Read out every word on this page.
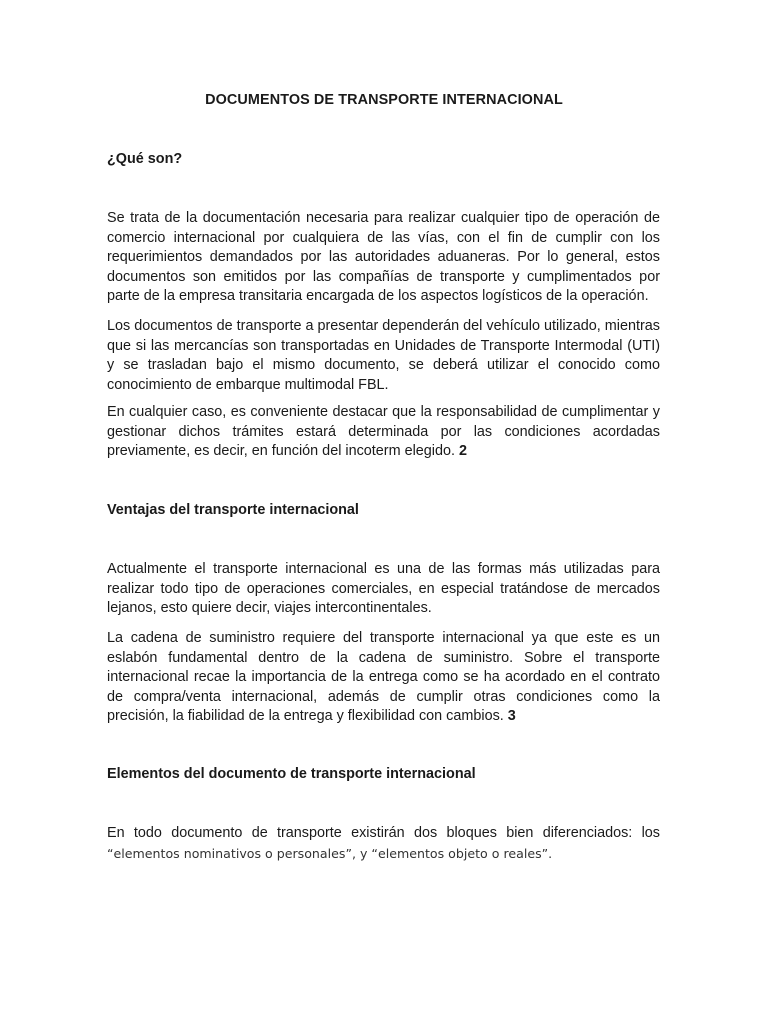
DOCUMENTOS DE TRANSPORTE INTERNACIONAL
¿Qué son?

Se trata de la documentación necesaria para realizar cualquier tipo de operación de comercio internacional por cualquiera de las vías, con el fin de cumplir con los requerimientos demandados por las autoridades aduaneras. Por lo general, estos documentos son emitidos por las compañías de transporte y cumplimentados por parte de la empresa transitaria encargada de los aspectos logísticos de la operación.

Los documentos de transporte a presentar dependerán del vehículo utilizado, mientras que si las mercancías son transportadas en Unidades de Transporte Intermodal (UTI) y se trasladan bajo el mismo documento, se deberá utilizar el conocido como conocimiento de embarque multimodal FBL.

En cualquier caso, es conveniente destacar que la responsabilidad de cumplimentar y gestionar dichos trámites estará determinada por las condiciones acordadas previamente, es decir, en función del incoterm elegido. 2

Ventajas del transporte internacional

Actualmente el transporte internacional es una de las formas más utilizadas para realizar todo tipo de operaciones comerciales, en especial tratándose de mercados lejanos, esto quiere decir, viajes intercontinentales.

La cadena de suministro requiere del transporte internacional ya que este es un eslabón fundamental dentro de la cadena de suministro. Sobre el transporte internacional recae la importancia de la entrega como se ha acordado en el contrato de compra/venta internacional, además de cumplir otras condiciones como la precisión, la fiabilidad de la entrega y flexibilidad con cambios. 3

Elementos del documento de transporte internacional

En todo documento de transporte existirán dos bloques bien diferenciados: los “elementos nominativos o personales”, y “elementos objeto o reales”.
